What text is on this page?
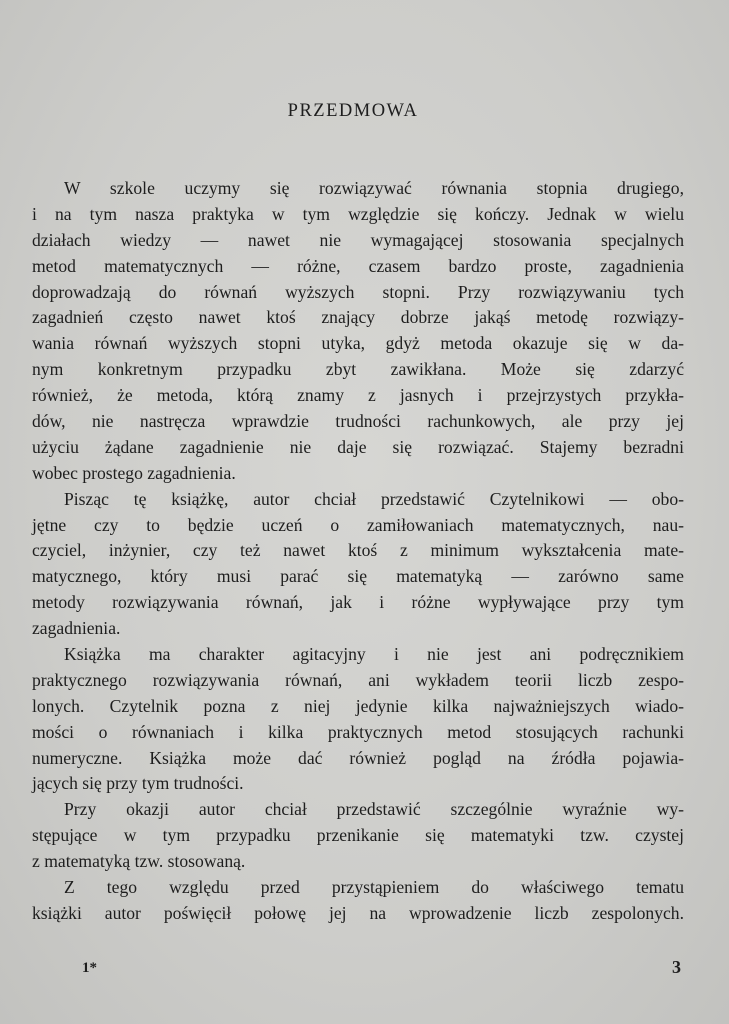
PRZEDMOWA
W szkole uczymy się rozwiązywać równania stopnia drugiego,
i na tym nasza praktyka w tym względzie się kończy. Jednak w wielu
działach wiedzy — nawet nie wymagającej stosowania specjalnych
metod matematycznych — różne, czasem bardzo proste, zagadnienia
doprowadzają do równań wyższych stopni. Przy rozwiązywaniu tych
zagadnień często nawet ktoś znający dobrze jakąś metodę rozwiązy-
wania równań wyższych stopni utyka, gdyż metoda okazuje się w da-
nym konkretnym przypadku zbyt zawikłana. Może się zdarzyć
również, że metoda, którą znamy z jasnych i przejrzystych przykła-
dów, nie nastręcza wprawdzie trudności rachunkowych, ale przy jej
użyciu żądane zagadnienie nie daje się rozwiązać. Stajemy bezradni
wobec prostego zagadnienia.
Pisząc tę książkę, autor chciał przedstawić Czytelnikowi — obo-
jętne czy to będzie uczeń o zamiłowaniach matematycznych, nau-
czyciel, inżynier, czy też nawet ktoś z minimum wykształcenia mate-
matycznego, który musi parać się matematyką — zarówno same
metody rozwiązywania równań, jak i różne wypływające przy tym
zagadnienia.
Książka ma charakter agitacyjny i nie jest ani podręcznikiem
praktycznego rozwiązywania równań, ani wykładem teorii liczb zespo-
lonych. Czytelnik pozna z niej jedynie kilka najważniejszych wiado-
mości o równaniach i kilka praktycznych metod stosujących rachunki
numeryczne. Książka może dać również pogląd na źródła pojawia-
jących się przy tym trudności.
Przy okazji autor chciał przedstawić szczególnie wyraźnie wy-
stępujące w tym przypadku przenikanie się matematyki tzw. czystej
z matematyką tzw. stosowaną.
Z tego względu przed przystąpieniem do właściwego tematu
książki autor poświęcił połowę jej na wprowadzenie liczb zespolonych.
1*	3
